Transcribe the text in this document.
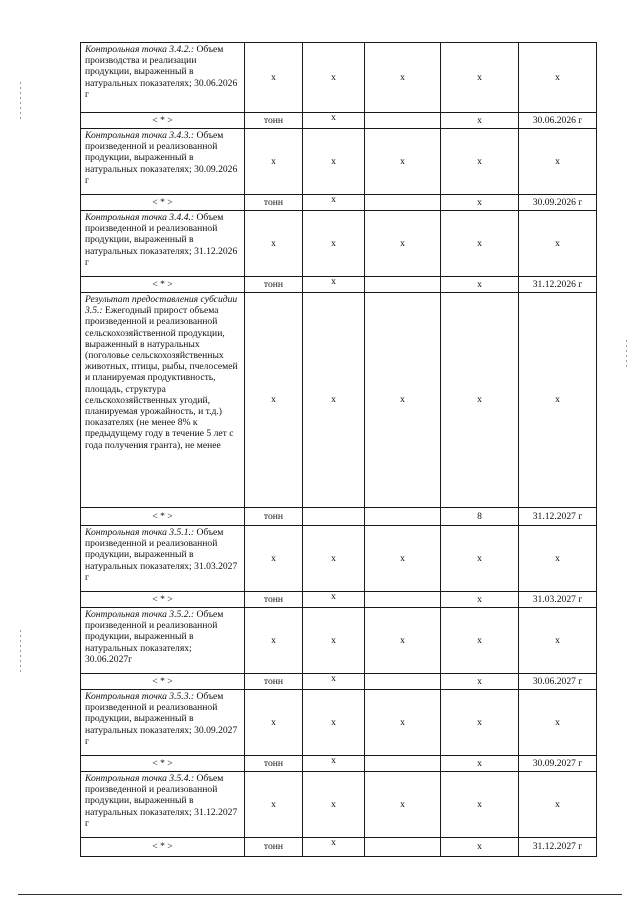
Контрольная точка 3.4.2.: Объем производства и реализации продукции, выраженный в натуральных показателях; 30.06.2026 г	x	x	x	x	x
< * >	тонн	x		x	30.06.2026 г
Контрольная точка 3.4.3.: Объем произведенной и реализованной продукции, выраженный в натуральных показателях; 30.09.2026 г	x	x	x	x	x
< * >	тонн	x		x	30.09.2026 г
Контрольная точка 3.4.4.: Объем произведенной и реализованной продукции, выраженный в натуральных показателях; 31.12.2026 г	x	x	x	x	x
< * >	тонн	x		x	31.12.2026 г
Результат предоставления субсидии 3.5.: Ежегодный прирост объема произведенной и реализованной сельскохозяйственной продукции, выраженный в натуральных (поголовье сельскохозяйственных животных, птицы, рыбы, пчелосемей и планируемая продуктивность, площадь, структура сельскохозяйственных угодий, планируемая урожайность, и т.д.) показателях (не менее 8% к предыдущему году в течение 5 лет с года получения гранта), не менее	x	x	x	x	x
< * >	тонн			8	31.12.2027 г
Контрольная точка 3.5.1.: Объем произведенной и реализованной продукции, выраженный в натуральных показателях; 31.03.2027 г	x	x	x	x	x
< * >	тонн	x		x	31.03.2027 г
Контрольная точка 3.5.2.: Объем произведенной и реализованной продукции, выраженный в натуральных показателях; 30.06.2027г	x	x	x	x	x
< * >	тонн	x		x	30.06.2027 г
Контрольная точка 3.5.3.: Объем произведенной и реализованной продукции, выраженный в натуральных показателях; 30.09.2027 г	x	x	x	x	x
< * >	тонн	x		x	30.09.2027 г
Контрольная точка 3.5.4.: Объем произведенной и реализованной продукции, выраженный в натуральных показателях; 31.12.2027 г	x	x	x	x	x
< * >	тонн	x		x	31.12.2027 г
